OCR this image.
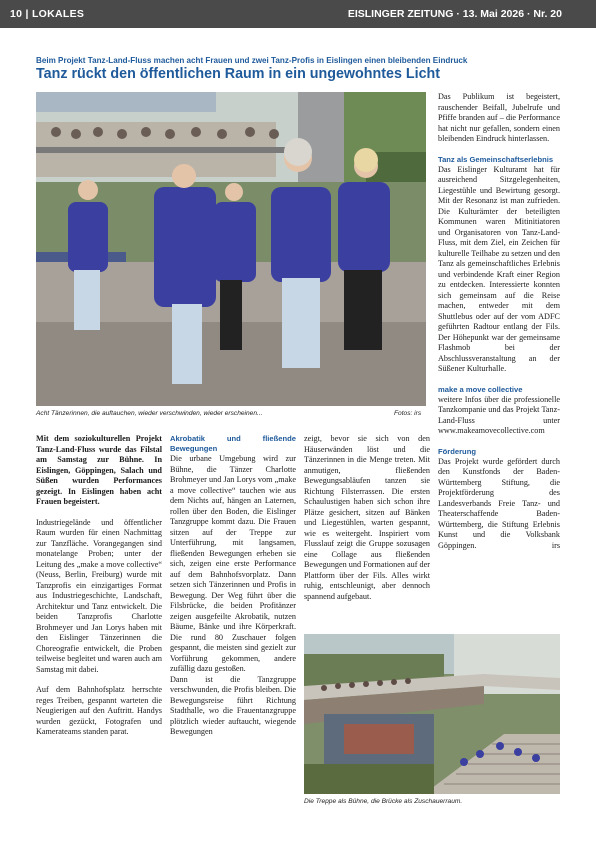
10 | LOKALES	EISLINGER ZEITUNG · 13. Mai 2026 · Nr. 20
Beim Projekt Tanz-Land-Fluss machen acht Frauen und zwei Tanz-Profis in Eislingen einen bleibenden Eindruck
Tanz rückt den öffentlichen Raum in ein ungewohntes Licht
Acht Tänzerinnen, die auftauchen, wieder verschwinden, wieder erscheinen...	Fotos: irs

Mit dem soziokulturellen Projekt Tanz-Land-Fluss wurde das Filstal am Samstag zur Bühne. In Eislingen, Göppingen, Salach und Süßen wurden Performances gezeigt. In Eislingen haben acht Frauen begeistert.

Industriegelände und öffentlicher Raum wurden für einen Nachmittag zur Tanzfläche. Vorangegangen sind monatelange Proben; unter der Leitung des „make a move collective“ (Neuss, Berlin, Freiburg) wurde mit Tanzprofis ein einzigartiges Format aus Industriegeschichte, Landschaft, Architektur und Tanz entwickelt. Die beiden Tanzprofis Charlotte Brohmeyer und Jan Lorys haben mit den Eislinger Tänzerinnen die Choreografie entwickelt, die Proben teilweise begleitet und waren auch am Samstag mit dabei.

Auf dem Bahnhofsplatz herrschte reges Treiben, gespannt warteten die Neugierigen auf den Auftritt. Handys wurden gezückt, Fotografen und Kamerateams standen parat.

Akrobatik und fließende Bewegungen

Die urbane Umgebung wird zur Bühne, die Tänzer Charlotte Brohmeyer und Jan Lorys vom „make a move collective“ tauchen wie aus dem Nichts auf, hängen an Laternen, rollen über den Boden, die Eislinger Tanzgruppe kommt dazu. Die Frauen sitzen auf der Treppe zur Unterführung, mit langsamen, fließenden Bewegungen erheben sie sich, zeigen eine erste Performance auf dem Bahnhofsvorplatz. Dann setzen sich Tänzerinnen und Profis in Bewegung. Der Weg führt über die Filsbrücke, die beiden Profitänzer zeigen ausgefeilte Akrobatik, nutzen Bäume, Bänke und ihre Körperkraft. Die rund 80 Zuschauer folgen gespannt, die meisten sind gezielt zur Vorführung gekommen, andere zufällig dazu gestoßen.

Dann ist die Tanzgruppe verschwunden, die Profis bleiben. Die Bewegungsreise führt Richtung Stadthalle, wo die Frauentanzgruppe plötzlich wieder auftaucht, wiegende Bewegungen

zeigt, bevor sie sich von den Häuserwänden löst und die Tänzerinnen in die Menge treten. Mit anmutigen, fließenden Bewegungsabläufen tanzen sie Richtung Filsterrassen. Die ersten Schaulustigen haben sich schon ihre Plätze gesichert, sitzen auf Bänken und Liegestühlen, warten gespannt, wie es weitergeht. Inspiriert vom Flusslauf zeigt die Gruppe sozusagen eine Collage aus fließenden Bewegungen und Formationen auf der Plattform über der Fils. Alles wirkt ruhig, entschleunigt, aber dennoch spannend aufgebaut.

Das Publikum ist begeistert, rauschender Beifall, Jubelrufe und Pfiffe branden auf – die Performance hat nicht nur gefallen, sondern einen bleibenden Eindruck hinterlassen.

Tanz als Gemeinschaftserlebnis

Das Eislinger Kulturamt hat für ausreichend Sitzgelegenheiten, Liegestühle und Bewirtung gesorgt. Mit der Resonanz ist man zufrieden. Die Kulturämter der beteiligten Kommunen waren Mitinitiatoren und Organisatoren von Tanz-Land-Fluss, mit dem Ziel, ein Zeichen für kulturelle Teilhabe zu setzen und den Tanz als gemeinschaftliches Erlebnis und verbindende Kraft einer Region zu entdecken. Interessierte konnten sich gemeinsam auf die Reise machen, entweder mit dem Shuttlebus oder auf der vom ADFC geführten Radtour entlang der Fils. Der Höhepunkt war der gemeinsame Flashmob bei der Abschlussveranstaltung an der Süßener Kulturhalle.

make a move collective

weitere Infos über die professionelle Tanzkompanie und das Projekt Tanz-Land-Fluss unter www.makeamovecollective.com

Förderung

Das Projekt wurde gefördert durch den Kunstfonds der Baden-Württemberg Stiftung, die Projektförderung des Landesverbands Freie Tanz- und Theaterschaffende Baden-Württemberg, die Stiftung Erlebnis Kunst und die Volksbank Göppingen.	irs

Die Treppe als Bühne, die Brücke als Zuschauerraum.
